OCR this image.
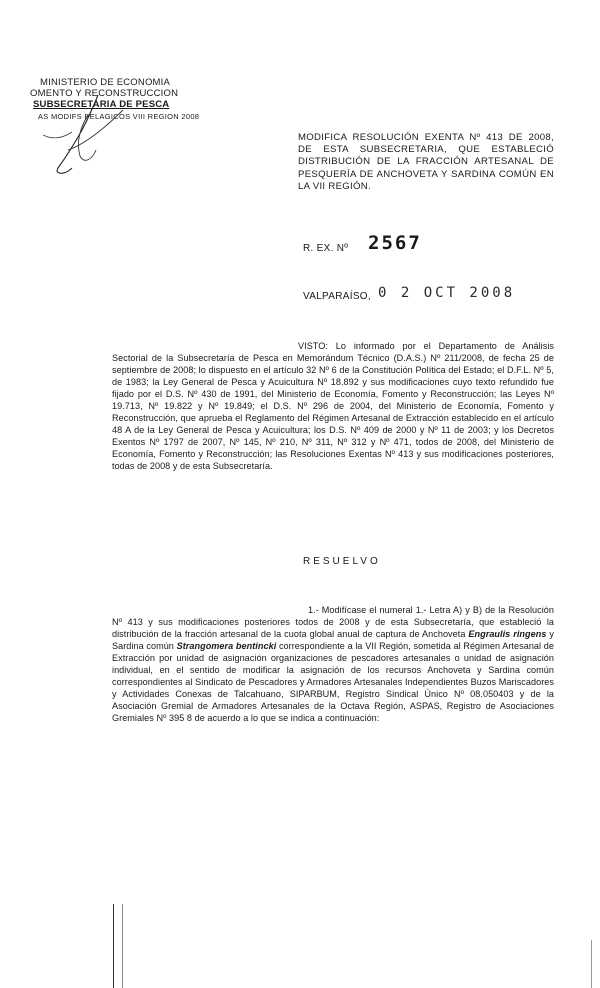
MINISTERIO DE ECONOMIA
OMENTO Y RECONSTRUCCION
SUBSECRETARIA DE PESCA
AS MODIFS PELAGICOS VIII REGION 2008
MODIFICA RESOLUCIÓN EXENTA Nº 413 DE 2008, DE ESTA SUBSECRETARIA, QUE ESTABLECIÓ DISTRIBUCIÓN DE LA FRACCIÓN ARTESANAL DE PESQUERÍA DE ANCHOVETA Y SARDINA COMÚN EN LA VII REGIÓN.
R. EX. Nº 2567
VALPARAÍSO, 0 2 OCT 2008
VISTO: Lo informado por el Departamento de Análisis Sectorial de la Subsecretaría de Pesca en Memorándum Técnico (D.A.S.) Nº 211/2008, de fecha 25 de septiembre de 2008; lo dispuesto en el artículo 32 Nº 6 de la Constitución Política del Estado; el D.F.L. Nº 5, de 1983; la Ley General de Pesca y Acuicultura Nº 18.892 y sus modificaciones cuyo texto refundido fue fijado por el D.S. Nº 430 de 1991, del Ministerio de Economía, Fomento y Reconstrucción; las Leyes Nº 19.713, Nº 19.822 y Nº 19.849; el D.S. Nº 296 de 2004, del Ministerio de Economía, Fomento y Reconstrucción, que aprueba el Reglamento del Régimen Artesanal de Extracción establecido en el artículo 48 A de la Ley General de Pesca y Acuicultura; los D.S. Nº 409 de 2000 y Nº 11 de 2003; y los Decretos Exentos Nº 1797 de 2007, Nº 145, Nº 210, Nº 311, Nº 312 y Nº 471, todos de 2008, del Ministerio de Economía, Fomento y Reconstrucción; las Resoluciones Exentas Nº 413 y sus modificaciones posteriores, todas de 2008 y de esta Subsecretaría.
RESUELVO
1.- Modifícase el numeral 1.- Letra A) y B) de la Resolución Nº 413 y sus modificaciones posteriores todos de 2008 y de esta Subsecretaría, que estableció la distribución de la fracción artesanal de la cuota global anual de captura de Anchoveta Engraulis ringens y Sardina común Strangomera bentincki correspondiente a la VII Región, sometida al Régimen Artesanal de Extracción por unidad de asignación organizaciones de pescadores artesanales o unidad de asignación individual, en el sentido de modificar la asignación de los recursos Anchoveta y Sardina común correspondientes al Sindicato de Pescadores y Armadores Artesanales Independientes Buzos Mariscadores y Actividades Conexas de Talcahuano, SIPARBUM, Registro Sindical Único Nº 08.050403 y de la Asociación Gremial de Armadores Artesanales de la Octava Región, ASPAS, Registro de Asociaciones Gremiales Nº 395 8 de acuerdo a lo que se indica a continuación:
